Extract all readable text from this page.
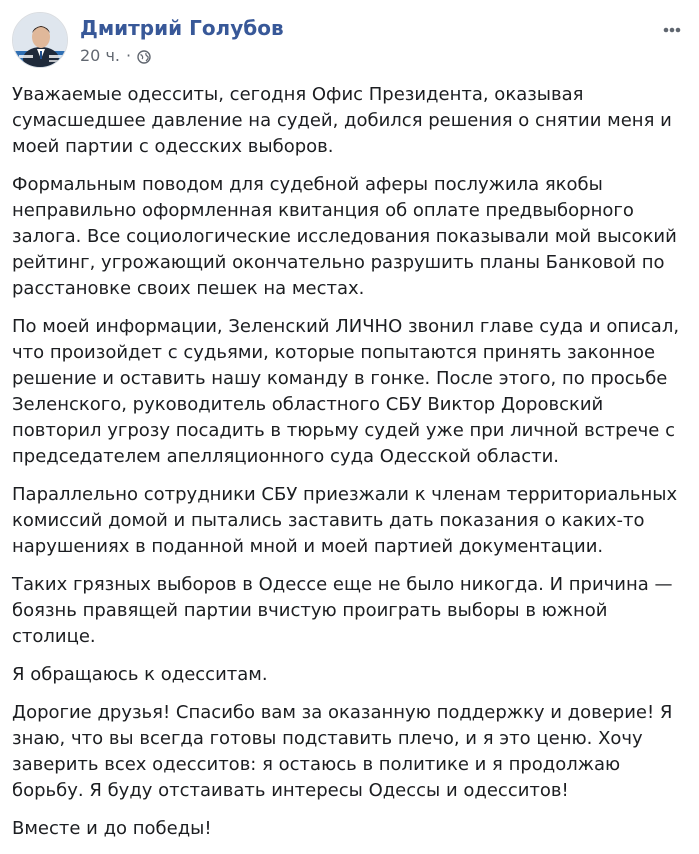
Дмитрий Голубов
20 ч. ·

Уважаемые одесситы, сегодня Офис Президента, оказывая сумасшедшее давление на судей, добился решения о снятии меня и моей партии с одесских выборов.

Формальным поводом для судебной аферы послужила якобы неправильно оформленная квитанция об оплате предвыборного залога. Все социологические исследования показывали мой высокий рейтинг, угрожающий окончательно разрушить планы Банковой по расстановке своих пешек на местах.

По моей информации, Зеленский ЛИЧНО звонил главе суда и описал, что произойдет с судьями, которые попытаются принять законное решение и оставить нашу команду в гонке. После этого, по просьбе Зеленского, руководитель областного СБУ Виктор Доровский повторил угрозу посадить в тюрьму судей уже при личной встрече с председателем апелляционного суда Одесской области.

Параллельно сотрудники СБУ приезжали к членам территориальных комиссий домой и пытались заставить дать показания о каких-то нарушениях в поданной мной и моей партией документации.

Таких грязных выборов в Одессе еще не было никогда. И причина — боязнь правящей партии вчистую проиграть выборы в южной столице.

Я обращаюсь к одесситам.

Дорогие друзья! Спасибо вам за оказанную поддержку и доверие! Я знаю, что вы всегда готовы подставить плечо, и я это ценю. Хочу заверить всех одесситов: я остаюсь в политике и я продолжаю борьбу. Я буду отстаивать интересы Одессы и одесситов!

Вместе и до победы!
